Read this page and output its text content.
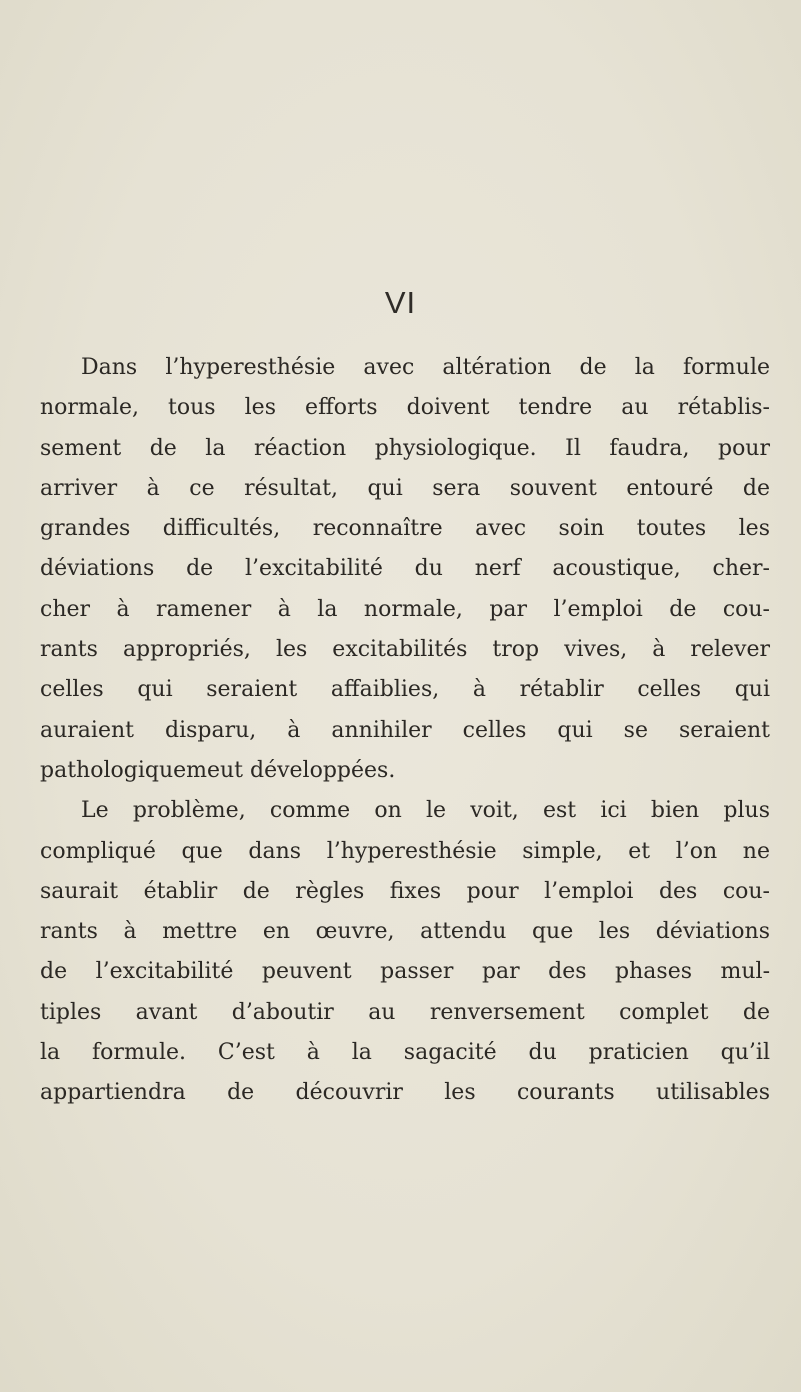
VI
Dans l’hyperesthésie avec altération de la formule
normale, tous les efforts doivent tendre au rétablis-
sement de la réaction physiologique. Il faudra, pour
arriver à ce résultat, qui sera souvent entouré de
grandes difficultés, reconnaître avec soin toutes les
déviations de l’excitabilité du nerf acoustique, cher-
cher à ramener à la normale, par l’emploi de cou-
rants appropriés, les excitabilités trop vives, à relever
celles qui seraient affaiblies, à rétablir celles qui
auraient disparu, à annihiler celles qui se seraient
pathologiquemeut développées.
Le problème, comme on le voit, est ici bien plus
compliqué que dans l’hyperesthésie simple, et l’on ne
saurait établir de règles fixes pour l’emploi des cou-
rants à mettre en œuvre, attendu que les déviations
de l’excitabilité peuvent passer par des phases mul-
tiples avant d’aboutir au renversement complet de
la formule. C’est à la sagacité du praticien qu’il
appartiendra de découvrir les courants utilisables
